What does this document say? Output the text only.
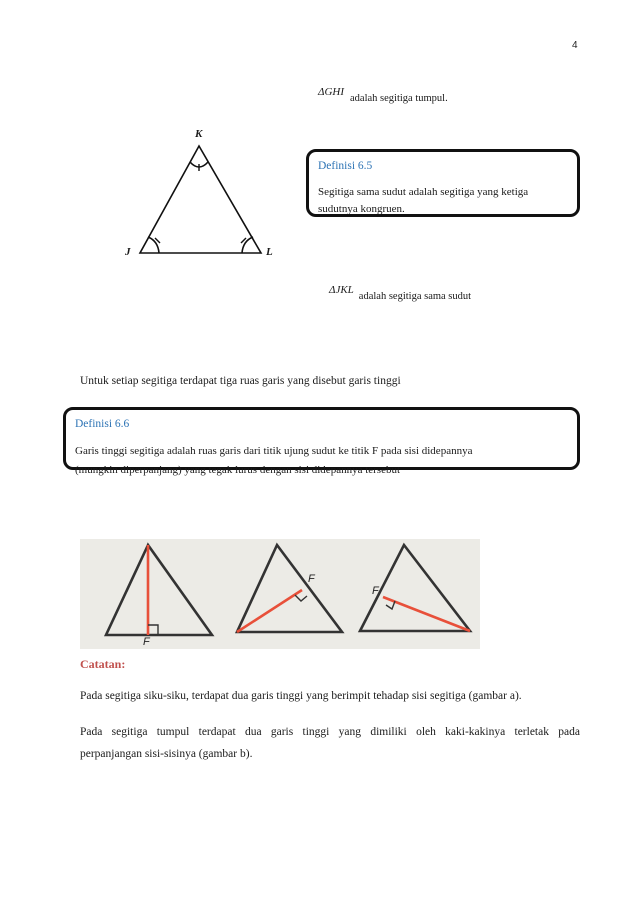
4
ΔGHI $_{adalah segitiga tumpul.}$
K
J	L
Definisi 6.5
Segitiga sama sudut adalah segitiga yang ketiga sudutnya kongruen.
ΔJKL $_{adalah segitiga sama sudut}$
Untuk setiap segitiga terdapat tiga ruas garis yang disebut garis tinggi
Definisi 6.6
Garis tinggi segitiga adalah ruas garis dari titik ujung sudut ke titik F pada sisi didepannya
(mungkin diperpanjang) yang tegak lurus dengan sisi didepannya tersebut
F
F
F
Catatan:
Pada segitiga siku-siku, terdapat dua garis tinggi yang berimpit tehadap sisi segitiga (gambar a).
Pada segitiga tumpul terdapat dua garis tinggi yang dimiliki oleh kaki-kakinya terletak pada
perpanjangan sisi-sisinya (gambar b).
